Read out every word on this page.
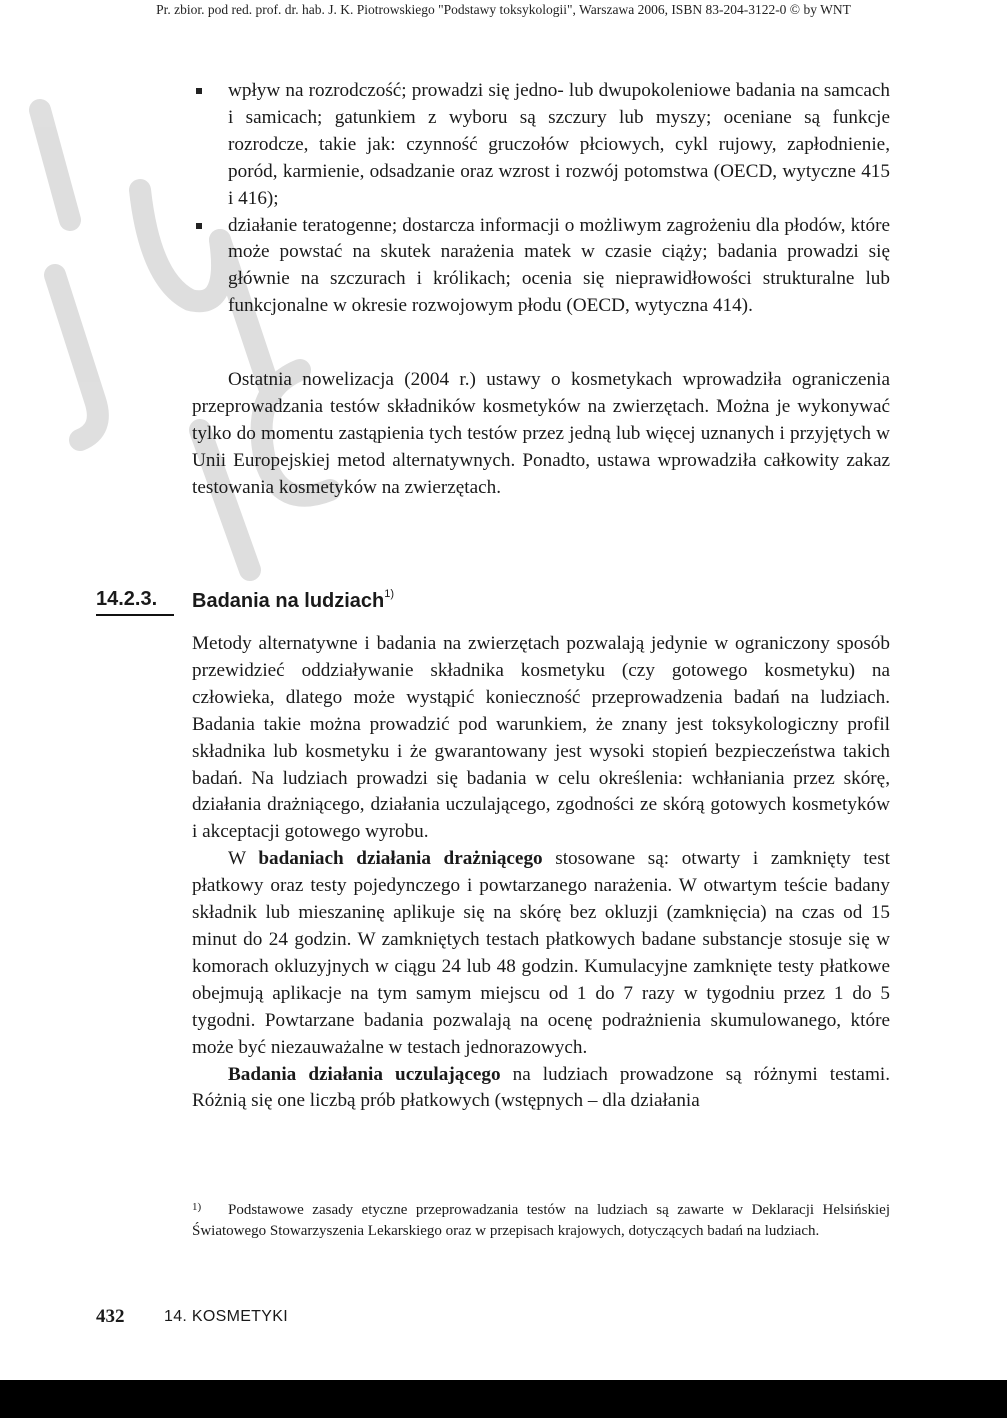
Pr. zbior. pod red. prof. dr. hab. J. K. Piotrowskiego "Podstawy toksykologii", Warszawa 2006, ISBN 83-204-3122-0 © by WNT
wpływ na rozrodczość; prowadzi się jedno- lub dwupokoleniowe badania na samcach i samicach; gatunkiem z wyboru są szczury lub myszy; oceniane są funkcje rozrodcze, takie jak: czynność gruczołów płciowych, cykl rujowy, zapłodnienie, poród, karmienie, odsadzanie oraz wzrost i rozwój potomstwa (OECD, wytyczne 415 i 416);
działanie teratogenne; dostarcza informacji o możliwym zagrożeniu dla płodów, które może powstać na skutek narażenia matek w czasie ciąży; badania prowadzi się głównie na szczurach i królikach; ocenia się nieprawidłowości strukturalne lub funkcjonalne w okresie rozwojowym płodu (OECD, wytyczna 414).

Ostatnia nowelizacja (2004 r.) ustawy o kosmetykach wprowadziła ograniczenia przeprowadzania testów składników kosmetyków na zwierzętach. Można je wykonywać tylko do momentu zastąpienia tych testów przez jedną lub więcej uznanych i przyjętych w Unii Europejskiej metod alternatywnych. Ponadto, ustawa wprowadziła całkowity zakaz testowania kosmetyków na zwierzętach.

14.2.3. Badania na ludziach$^{1)}$

Metody alternatywne i badania na zwierzętach pozwalają jedynie w ograniczony sposób przewidzieć oddziaływanie składnika kosmetyku (czy gotowego kosmetyku) na człowieka, dlatego może wystąpić konieczność przeprowadzenia badań na ludziach. Badania takie można prowadzić pod warunkiem, że znany jest toksykologiczny profil składnika lub kosmetyku i że gwarantowany jest wysoki stopień bezpieczeństwa takich badań. Na ludziach prowadzi się badania w celu określenia: wchłaniania przez skórę, działania drażniącego, działania uczulającego, zgodności ze skórą gotowych kosmetyków i akceptacji gotowego wyrobu.

W badaniach działania drażniącego stosowane są: otwarty i zamknięty test płatkowy oraz testy pojedynczego i powtarzanego narażenia. W otwartym teście badany składnik lub mieszaninę aplikuje się na skórę bez okluzji (zamknięcia) na czas od 15 minut do 24 godzin. W zamkniętych testach płatkowych badane substancje stosuje się w komorach okluzyjnych w ciągu 24 lub 48 godzin. Kumulacyjne zamknięte testy płatkowe obejmują aplikacje na tym samym miejscu od 1 do 7 razy w tygodniu przez 1 do 5 tygodni. Powtarzane badania pozwalają na ocenę podrażnienia skumulowanego, które może być niezauważalne w testach jednorazowych.

Badania działania uczulającego na ludziach prowadzone są różnymi testami. Różnią się one liczbą prób płatkowych (wstępnych – dla działania

1)	Podstawowe zasady etyczne przeprowadzania testów na ludziach są zawarte w Deklaracji Helsińskiej Światowego Stowarzyszenia Lekarskiego oraz w przepisach krajowych, dotyczących badań na ludziach.

432 14. KOSMETYKI
